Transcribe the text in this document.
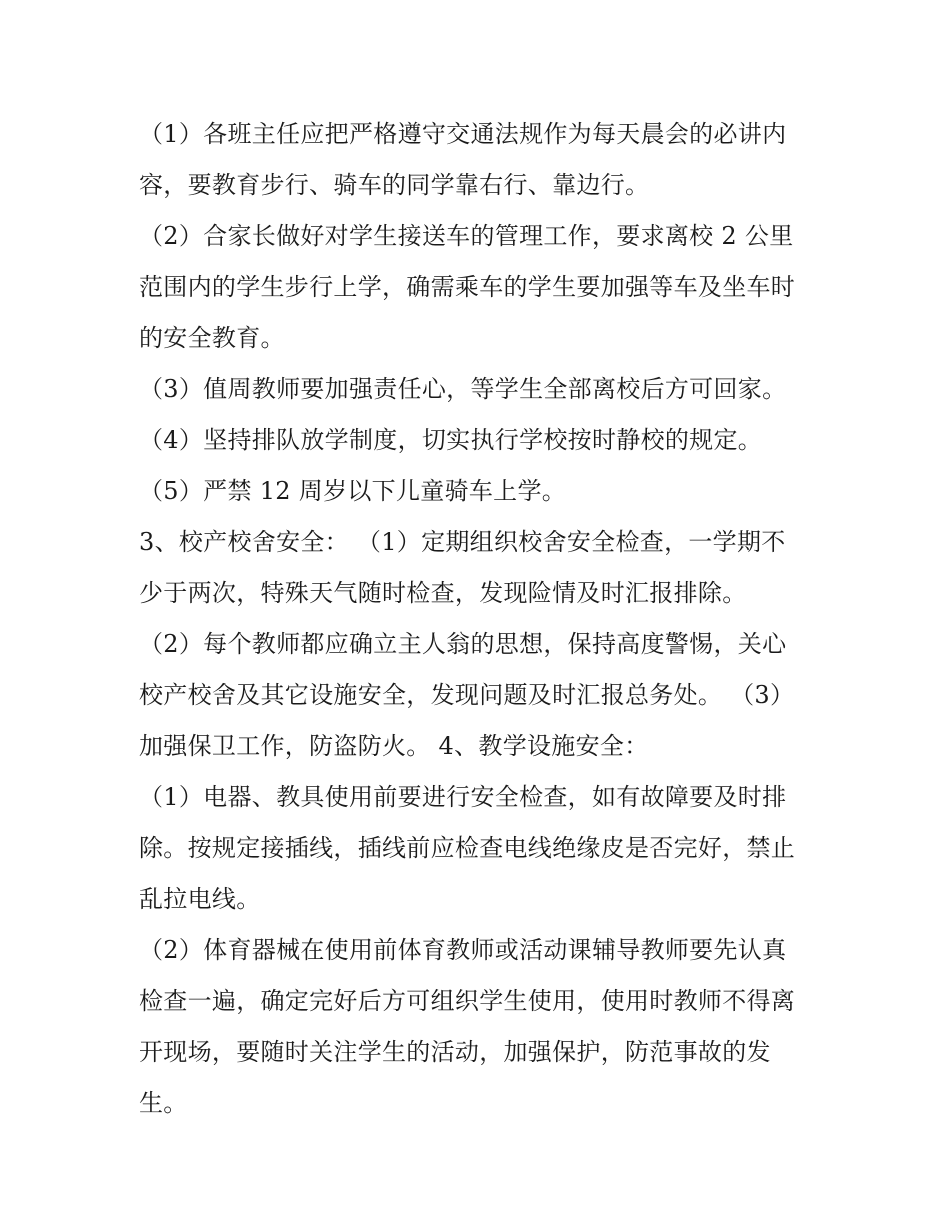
（1）各班主任应把严格遵守交通法规作为每天晨会的必讲内
容，要教育步行、骑车的同学靠右行、靠边行。
（2）合家长做好对学生接送车的管理工作，要求离校 2 公里
范围内的学生步行上学，确需乘车的学生要加强等车及坐车时
的安全教育。
（3）值周教师要加强责任心，等学生全部离校后方可回家。
（4）坚持排队放学制度，切实执行学校按时静校的规定。
（5）严禁 12 周岁以下儿童骑车上学。
3、校产校舍安全： （1）定期组织校舍安全检查，一学期不
少于两次，特殊天气随时检查，发现险情及时汇报排除。
（2）每个教师都应确立主人翁的思想，保持高度警惕，关心
校产校舍及其它设施安全，发现问题及时汇报总务处。 （3）
加强保卫工作，防盗防火。 4、教学设施安全：
（1）电器、教具使用前要进行安全检查，如有故障要及时排
除。按规定接插线，插线前应检查电线绝缘皮是否完好，禁止
乱拉电线。
（2）体育器械在使用前体育教师或活动课辅导教师要先认真
检查一遍，确定完好后方可组织学生使用，使用时教师不得离
开现场，要随时关注学生的活动，加强保护，防范事故的发
生。
